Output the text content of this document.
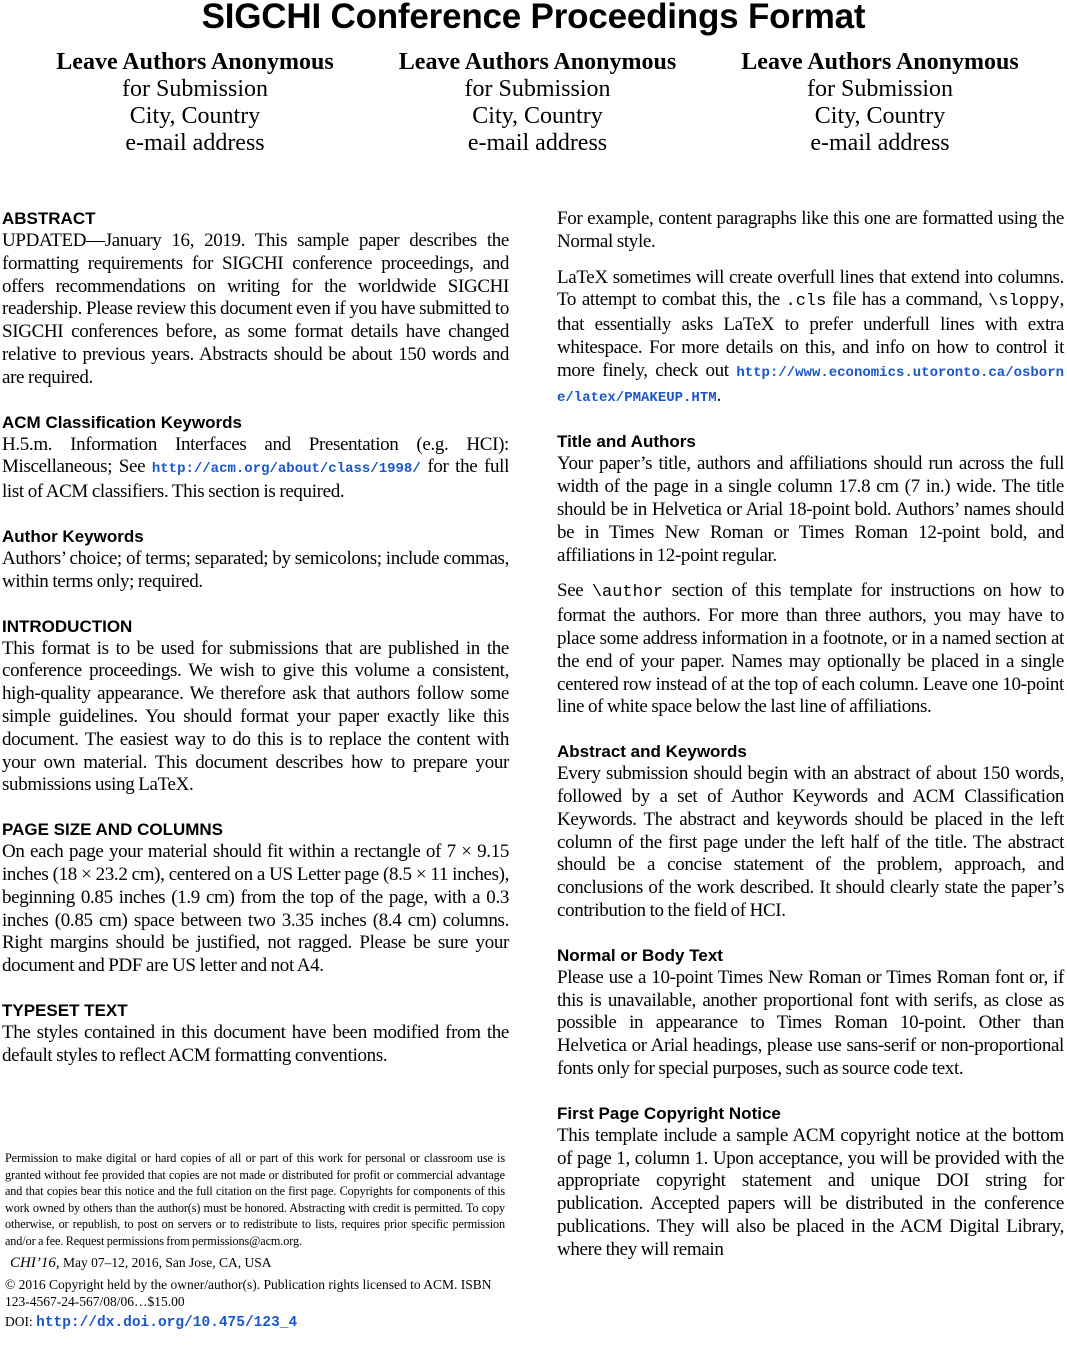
SIGCHI Conference Proceedings Format
Leave Authors Anonymous
for Submission
City, Country
e-mail address
Leave Authors Anonymous
for Submission
City, Country
e-mail address
Leave Authors Anonymous
for Submission
City, Country
e-mail address
ABSTRACT

UPDATED—January 16, 2019. This sample paper describes the formatting requirements for SIGCHI conference proceedings, and offers recommendations on writing for the worldwide SIGCHI readership. Please review this document even if you have submitted to SIGCHI conferences before, as some format details have changed relative to previous years. Abstracts should be about 150 words and are required.

ACM Classification Keywords

H.5.m. Information Interfaces and Presentation (e.g. HCI): Miscellaneous; See http://acm.org/about/class/1998/ for the full list of ACM classifiers. This section is required.

Author Keywords

Authors’ choice; of terms; separated; by semicolons; include commas, within terms only; required.

INTRODUCTION

This format is to be used for submissions that are published in the conference proceedings. We wish to give this volume a consistent, high-quality appearance. We therefore ask that authors follow some simple guidelines. You should format your paper exactly like this document. The easiest way to do this is to replace the content with your own material. This document describes how to prepare your submissions using LaTeX.

PAGE SIZE AND COLUMNS

On each page your material should fit within a rectangle of 7 × 9.15 inches (18 × 23.2 cm), centered on a US Letter page (8.5 × 11 inches), beginning 0.85 inches (1.9 cm) from the top of the page, with a 0.3 inches (0.85 cm) space between two 3.35 inches (8.4 cm) columns. Right margins should be justified, not ragged. Please be sure your document and PDF are US letter and not A4.

TYPESET TEXT

The styles contained in this document have been modified from the default styles to reflect ACM formatting conventions.

Permission to make digital or hard copies of all or part of this work for personal or classroom use is granted without fee provided that copies are not made or distributed for profit or commercial advantage and that copies bear this notice and the full citation on the first page. Copyrights for components of this work owned by others than the author(s) must be honored. Abstracting with credit is permitted. To copy otherwise, or republish, to post on servers or to redistribute to lists, requires prior specific permission and/or a fee. Request permissions from permissions@acm.org.
CHI’16, May 07–12, 2016, San Jose, CA, USA
© 2016 Copyright held by the owner/author(s). Publication rights licensed to ACM. ISBN 123-4567-24-567/08/06…$15.00
DOI: http://dx.doi.org/10.475/123_4

For example, content paragraphs like this one are formatted using the Normal style.

LaTeX sometimes will create overfull lines that extend into columns. To attempt to combat this, the .cls file has a command, \sloppy, that essentially asks LaTeX to prefer underfull lines with extra whitespace. For more details on this, and info on how to control it more finely, check out http://www.economics.utoronto.ca/osborne/latex/PMAKEUP.HTM.

Title and Authors

Your paper’s title, authors and affiliations should run across the full width of the page in a single column 17.8 cm (7 in.) wide. The title should be in Helvetica or Arial 18-point bold. Authors’ names should be in Times New Roman or Times Roman 12-point bold, and affiliations in 12-point regular.

See \author section of this template for instructions on how to format the authors. For more than three authors, you may have to place some address information in a footnote, or in a named section at the end of your paper. Names may optionally be placed in a single centered row instead of at the top of each column. Leave one 10-point line of white space below the last line of affiliations.

Abstract and Keywords

Every submission should begin with an abstract of about 150 words, followed by a set of Author Keywords and ACM Classification Keywords. The abstract and keywords should be placed in the left column of the first page under the left half of the title. The abstract should be a concise statement of the problem, approach, and conclusions of the work described. It should clearly state the paper’s contribution to the field of HCI.

Normal or Body Text

Please use a 10-point Times New Roman or Times Roman font or, if this is unavailable, another proportional font with serifs, as close as possible in appearance to Times Roman 10-point. Other than Helvetica or Arial headings, please use sans-serif or non-proportional fonts only for special purposes, such as source code text.

First Page Copyright Notice

This template include a sample ACM copyright notice at the bottom of page 1, column 1. Upon acceptance, you will be provided with the appropriate copyright statement and unique DOI string for publication. Accepted papers will be distributed in the conference publications. They will also be placed in the ACM Digital Library, where they will remain
